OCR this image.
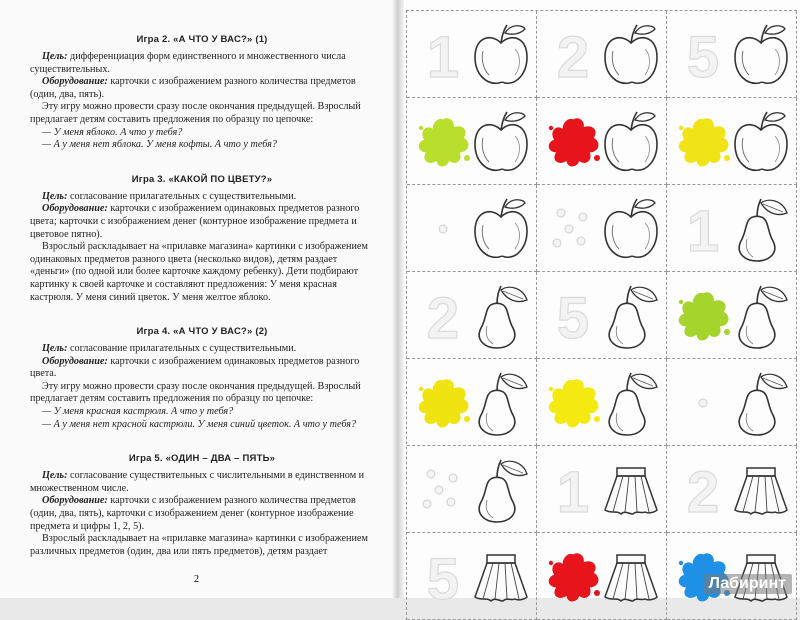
Игра 2. «А ЧТО У ВАС?» (1)

Цель: дифференциация форм единственного и множественного числа существительных.

Оборудование: карточки с изображением разного количества предметов (один, два, пять).

Эту игру можно провести сразу после окончания предыдущей. Взрослый предлагает детям составить предложения по образцу по цепочке:

— У меня яблоко. А что у тебя?

— А у меня нет яблока. У меня кофты. А что у тебя?

Игра 3. «КАКОЙ ПО ЦВЕТУ?»

Цель: согласование прилагательных с существительными.

Оборудование: карточки с изображением одинаковых предметов разного цвета; карточки с изображением денег (контурное изображение предмета и цветовое пятно).

Взрослый раскладывает на «прилавке магазина» картинки с изображением одинаковых предметов разного цвета (несколько видов), детям раздает «деньги» (по одной или более карточке каждому ребенку). Дети подбирают картинку к своей карточке и составляют предложения: У меня красная кастрюля. У меня синий цветок. У меня желтое яблоко.

Игра 4. «А ЧТО У ВАС?» (2)

Цель: согласование прилагательных с существительными.

Оборудование: карточки с изображением одинаковых предметов разного цвета.

Эту игру можно провести сразу после окончания предыдущей. Взрослый предлагает детям составить предложения по образцу по цепочке:

— У меня красная кастрюля. А что у тебя?

— А у меня нет красной кастрюли. У меня синий цветок. А что у тебя?

Игра 5. «ОДИН – ДВА – ПЯТЬ»

Цель: согласование существительных с числительными в единственном и множественном числе.

Оборудование: карточки с изображением разного количества предметов (один, два, пять), карточки с изображением денег (контурное изображение предмета и цифры 1, 2, 5).

Взрослый раскладывает на «прилавке магазина» картинки с изображением различных предметов (один, два или пять предметов), детям раздает

2
1 2 5
1
2 5
1 2
5	Лабиринт
